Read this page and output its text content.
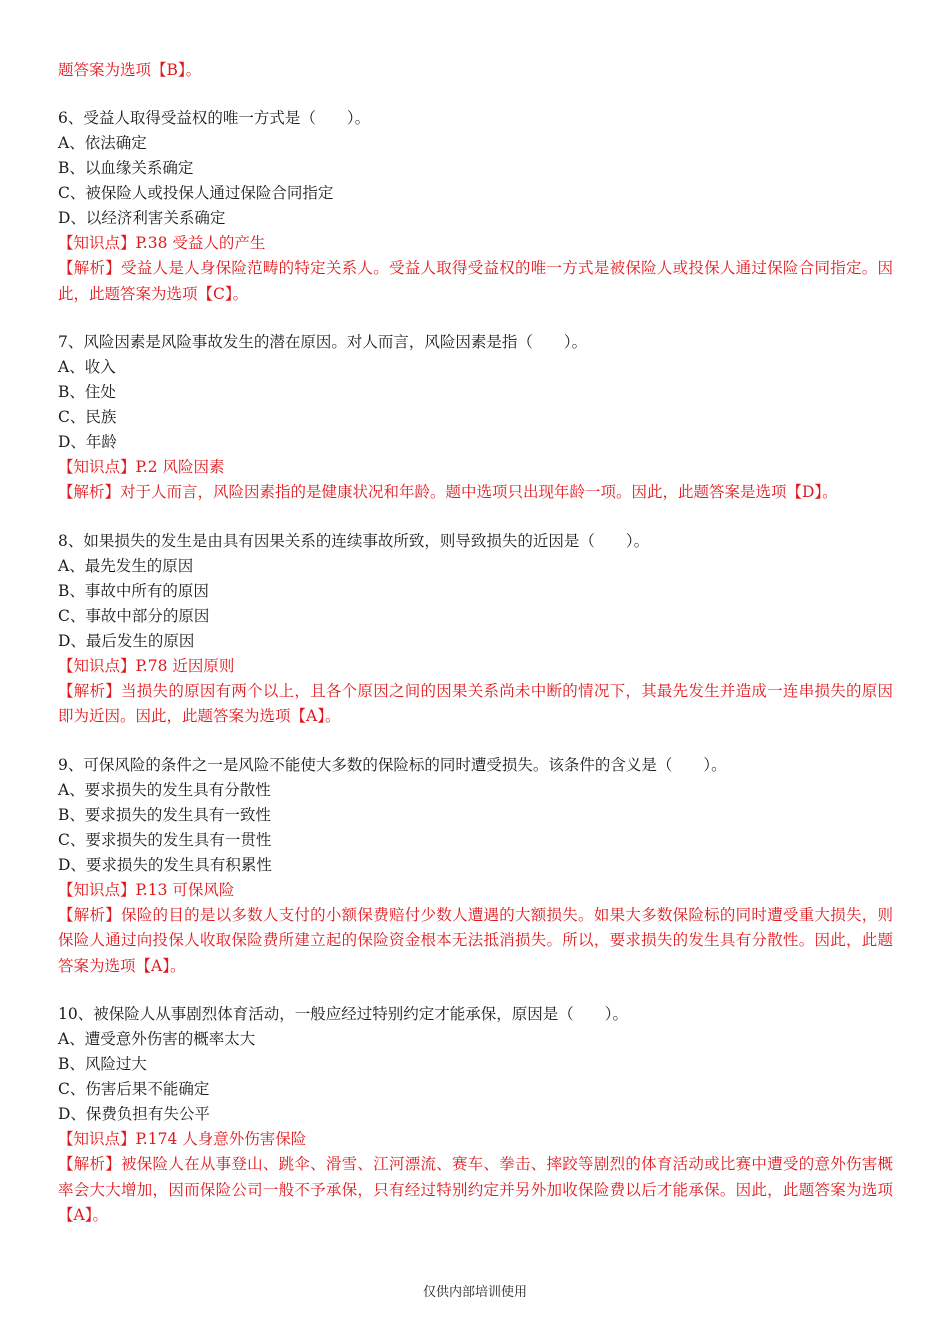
题答案为选项【B】。
6、受益人取得受益权的唯一方式是（　　）。
A、依法确定
B、以血缘关系确定
C、被保险人或投保人通过保险合同指定
D、以经济利害关系确定
【知识点】P.38 受益人的产生
【解析】受益人是人身保险范畴的特定关系人。受益人取得受益权的唯一方式是被保险人或投保人通过保险合同指定。因此，此题答案为选项【C】。
7、风险因素是风险事故发生的潜在原因。对人而言，风险因素是指（　　）。
A、收入
B、住处
C、民族
D、年龄
【知识点】P.2 风险因素
【解析】对于人而言，风险因素指的是健康状况和年龄。题中选项只出现年龄一项。因此，此题答案是选项【D】。
8、如果损失的发生是由具有因果关系的连续事故所致，则导致损失的近因是（　　）。
A、最先发生的原因
B、事故中所有的原因
C、事故中部分的原因
D、最后发生的原因
【知识点】P.78 近因原则
【解析】当损失的原因有两个以上，且各个原因之间的因果关系尚未中断的情况下，其最先发生并造成一连串损失的原因即为近因。因此，此题答案为选项【A】。
9、可保风险的条件之一是风险不能使大多数的保险标的同时遭受损失。该条件的含义是（　　）。
A、要求损失的发生具有分散性
B、要求损失的发生具有一致性
C、要求损失的发生具有一贯性
D、要求损失的发生具有积累性
【知识点】P.13 可保风险
【解析】保险的目的是以多数人支付的小额保费赔付少数人遭遇的大额损失。如果大多数保险标的同时遭受重大损失，则保险人通过向投保人收取保险费所建立起的保险资金根本无法抵消损失。所以，要求损失的发生具有分散性。因此，此题答案为选项【A】。
10、被保险人从事剧烈体育活动，一般应经过特别约定才能承保，原因是（　　）。
A、遭受意外伤害的概率太大
B、风险过大
C、伤害后果不能确定
D、保费负担有失公平
【知识点】P.174 人身意外伤害保险
【解析】被保险人在从事登山、跳伞、滑雪、江河漂流、赛车、拳击、摔跤等剧烈的体育活动或比赛中遭受的意外伤害概率会大大增加，因而保险公司一般不予承保，只有经过特别约定并另外加收保险费以后才能承保。因此，此题答案为选项【A】。
仅供内部培训使用
